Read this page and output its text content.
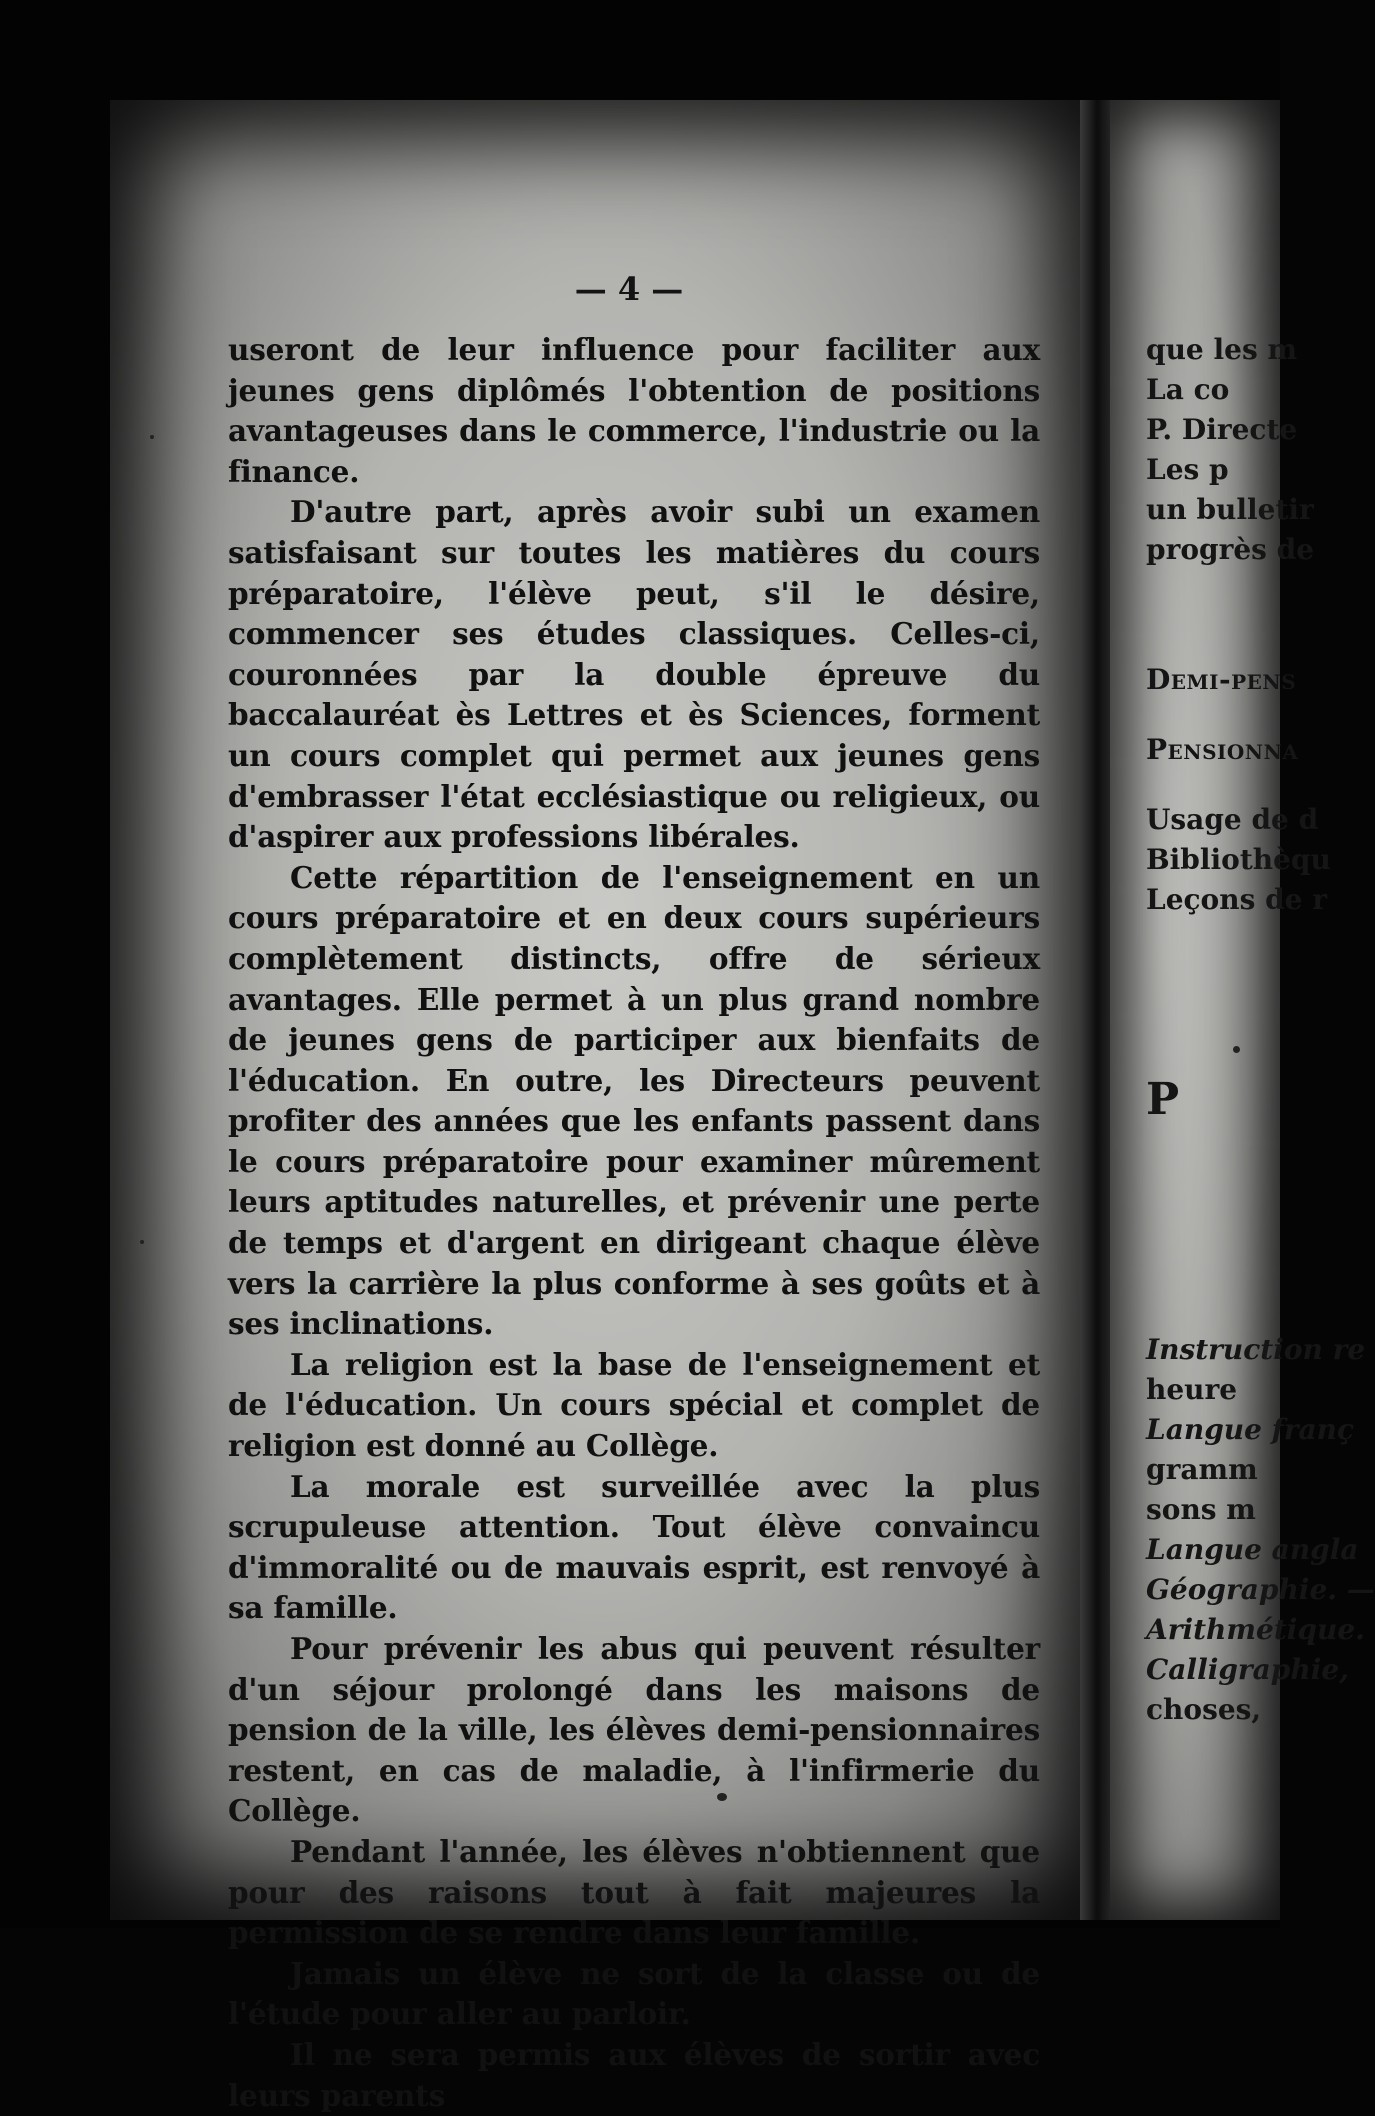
— 4 —

useront de leur influence pour faciliter aux jeunes gens diplômés l'obtention de positions avantageuses dans le commerce, l'industrie ou la finance.

D'autre part, après avoir subi un examen satisfaisant sur toutes les matières du cours préparatoire, l'élève peut, s'il le désire, commencer ses études classiques. Celles-ci, couronnées par la double épreuve du baccalauréat ès Lettres et ès Sciences, forment un cours complet qui permet aux jeunes gens d'embrasser l'état ecclésiastique ou religieux, ou d'aspirer aux professions libérales.

Cette répartition de l'enseignement en un cours préparatoire et en deux cours supérieurs complètement distincts, offre de sérieux avantages. Elle permet à un plus grand nombre de jeunes gens de participer aux bienfaits de l'éducation. En outre, les Directeurs peuvent profiter des années que les enfants passent dans le cours préparatoire pour examiner mûrement leurs aptitudes naturelles, et prévenir une perte de temps et d'argent en dirigeant chaque élève vers la carrière la plus conforme à ses goûts et à ses inclinations.

La religion est la base de l'enseignement et de l'éducation. Un cours spécial et complet de religion est donné au Collège.

La morale est surveillée avec la plus scrupuleuse attention. Tout élève convaincu d'immoralité ou de mauvais esprit, est renvoyé à sa famille.

Pour prévenir les abus qui peuvent résulter d'un séjour prolongé dans les maisons de pension de la ville, les élèves demi-pensionnaires restent, en cas de maladie, à l'infirmerie du Collège.

Pendant l'année, les élèves n'obtiennent que pour des raisons tout à fait majeures la permission de se rendre dans leur famille.

Jamais un élève ne sort de la classe ou de l'étude pour aller au parloir.

Il ne sera permis aux élèves de sortir avec leurs parents

que les m
La co
P. Directe
Les p
un bulletir
progrès de
Demi-pens
Pensionna
Usage de d
Bibliothèqu
Leçons de r
P
Instruction re
heure
Langue franç
gramm
sons m
Langue angla
Géographie. —
Arithmétique.
Calligraphie,
choses,
